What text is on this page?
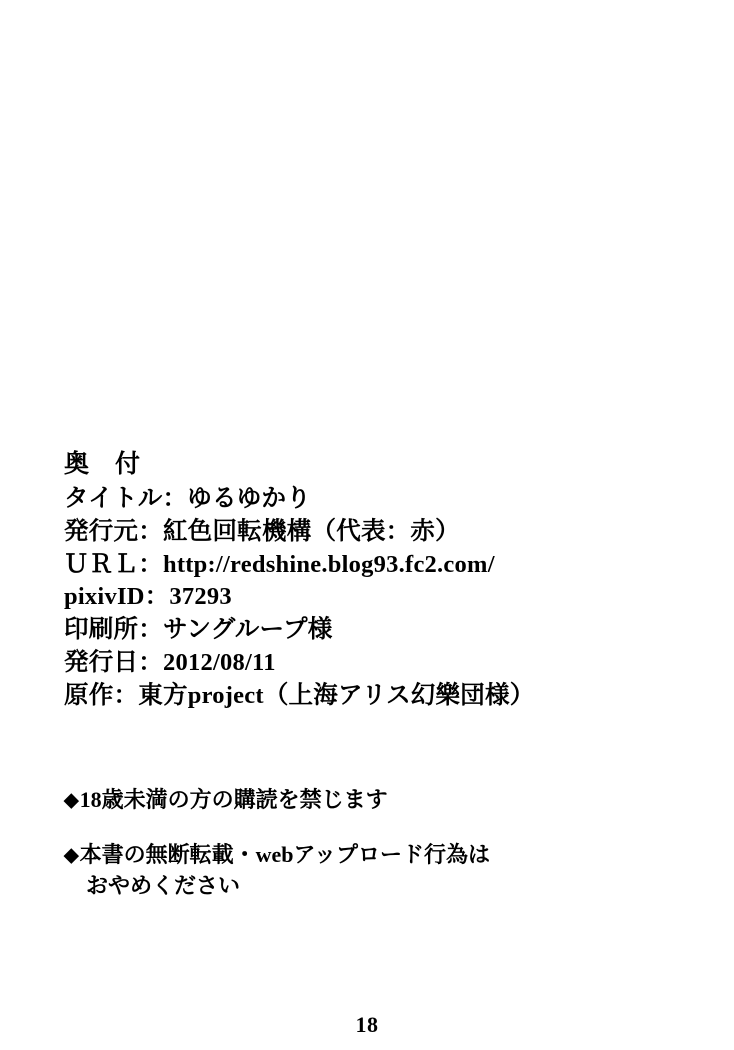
奥　付
タイトル：ゆるゆかり
発行元：紅色回転機構（代表：赤）
ＵＲＬ：http://redshine.blog93.fc2.com/
pixivID：37293
印刷所：サングループ様
発行日：2012/08/11
原作：東方project（上海アリス幻樂団様）

◆18歳未満の方の購読を禁じます

◆本書の無断転載・webアップロード行為は
おやめください

18
